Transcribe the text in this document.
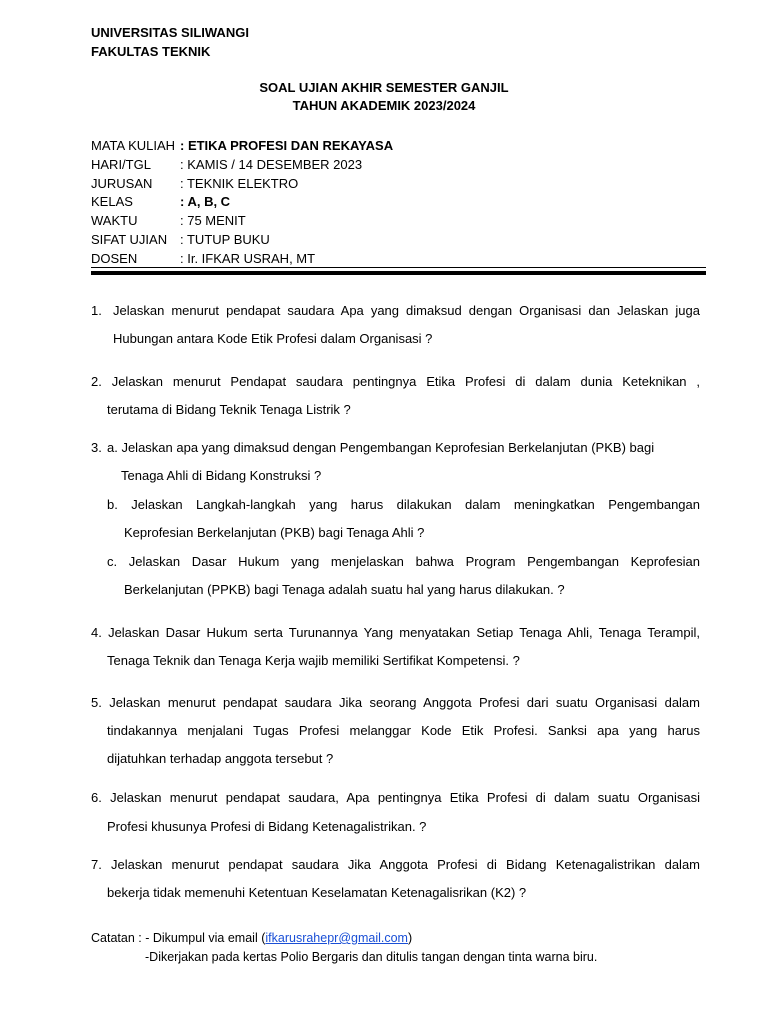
UNIVERSITAS SILIWANGI
FAKULTAS TEKNIK
SOAL UJIAN AKHIR SEMESTER GANJIL
TAHUN AKADEMIK 2023/2024
MATA KULIAH : ETIKA PROFESI DAN REKAYASA
HARI/TGL	: KAMIS / 14 DESEMBER 2023
JURUSAN	: TEKNIK ELEKTRO
KELAS	: A, B, C
WAKTU	: 75 MENIT
SIFAT UJIAN : TUTUP BUKU
DOSEN	: Ir. IFKAR USRAH, MT
1. Jelaskan menurut pendapat saudara Apa yang dimaksud dengan Organisasi dan Jelaskan juga
Hubungan antara Kode Etik Profesi dalam Organisasi ?
2. Jelaskan menurut Pendapat saudara pentingnya Etika Profesi di dalam dunia Keteknikan ,
terutama di Bidang Teknik Tenaga Listrik ?
3. a. Jelaskan apa yang dimaksud dengan Pengembangan Keprofesian Berkelanjutan (PKB) bagi
Tenaga Ahli di Bidang Konstruksi ?
b. Jelaskan Langkah-langkah yang harus dilakukan dalam meningkatkan Pengembangan
Keprofesian Berkelanjutan (PKB) bagi Tenaga Ahli ?
c. Jelaskan Dasar Hukum yang menjelaskan bahwa Program Pengembangan Keprofesian
Berkelanjutan (PPKB) bagi Tenaga adalah suatu hal yang harus dilakukan. ?
4. Jelaskan Dasar Hukum serta Turunannya Yang menyatakan Setiap Tenaga Ahli, Tenaga Terampil,
Tenaga Teknik dan Tenaga Kerja wajib memiliki Sertifikat Kompetensi. ?
5. Jelaskan menurut pendapat saudara Jika seorang Anggota Profesi dari suatu Organisasi dalam
tindakannya menjalani Tugas Profesi melanggar Kode Etik Profesi. Sanksi apa yang harus
dijatuhkan terhadap anggota tersebut ?
6. Jelaskan menurut pendapat saudara, Apa pentingnya Etika Profesi di dalam suatu Organisasi
Profesi khusunya Profesi di Bidang Ketenagalistrikan. ?
7. Jelaskan menurut pendapat saudara Jika Anggota Profesi di Bidang Ketenagalistrikan dalam
bekerja tidak memenuhi Ketentuan Keselamatan Ketenagalisrikan (K2) ?
Catatan : - Dikumpul via email (ifkarusrahepr@gmail.com)
-Dikerjakan pada kertas Polio Bergaris dan ditulis tangan dengan tinta warna biru.
